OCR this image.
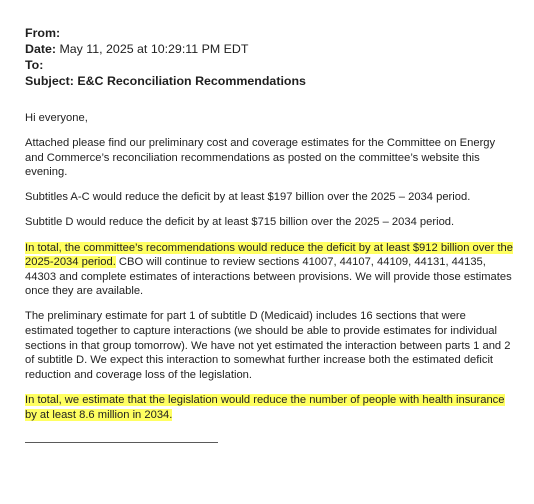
From:
Date: May 11, 2025 at 10:29:11 PM EDT
To:
Subject: E&C Reconciliation Recommendations

Hi everyone,

Attached please find our preliminary cost and coverage estimates for the Committee on Energy and Commerce’s reconciliation recommendations as posted on the committee’s website this evening.

Subtitles A-C would reduce the deficit by at least $197 billion over the 2025 – 2034 period.

Subtitle D would reduce the deficit by at least $715 billion over the 2025 – 2034 period.

In total, the committee’s recommendations would reduce the deficit by at least $912 billion over the 2025-2034 period. CBO will continue to review sections 41007, 44107, 44109, 44131, 44135, 44303 and complete estimates of interactions between provisions. We will provide those estimates once they are available.

The preliminary estimate for part 1 of subtitle D (Medicaid) includes 16 sections that were estimated together to capture interactions (we should be able to provide estimates for individual sections in that group tomorrow). We have not yet estimated the interaction between parts 1 and 2 of subtitle D. We expect this interaction to somewhat further increase both the estimated deficit reduction and coverage loss of the legislation.

In total, we estimate that the legislation would reduce the number of people with health insurance by at least 8.6 million in 2034.
